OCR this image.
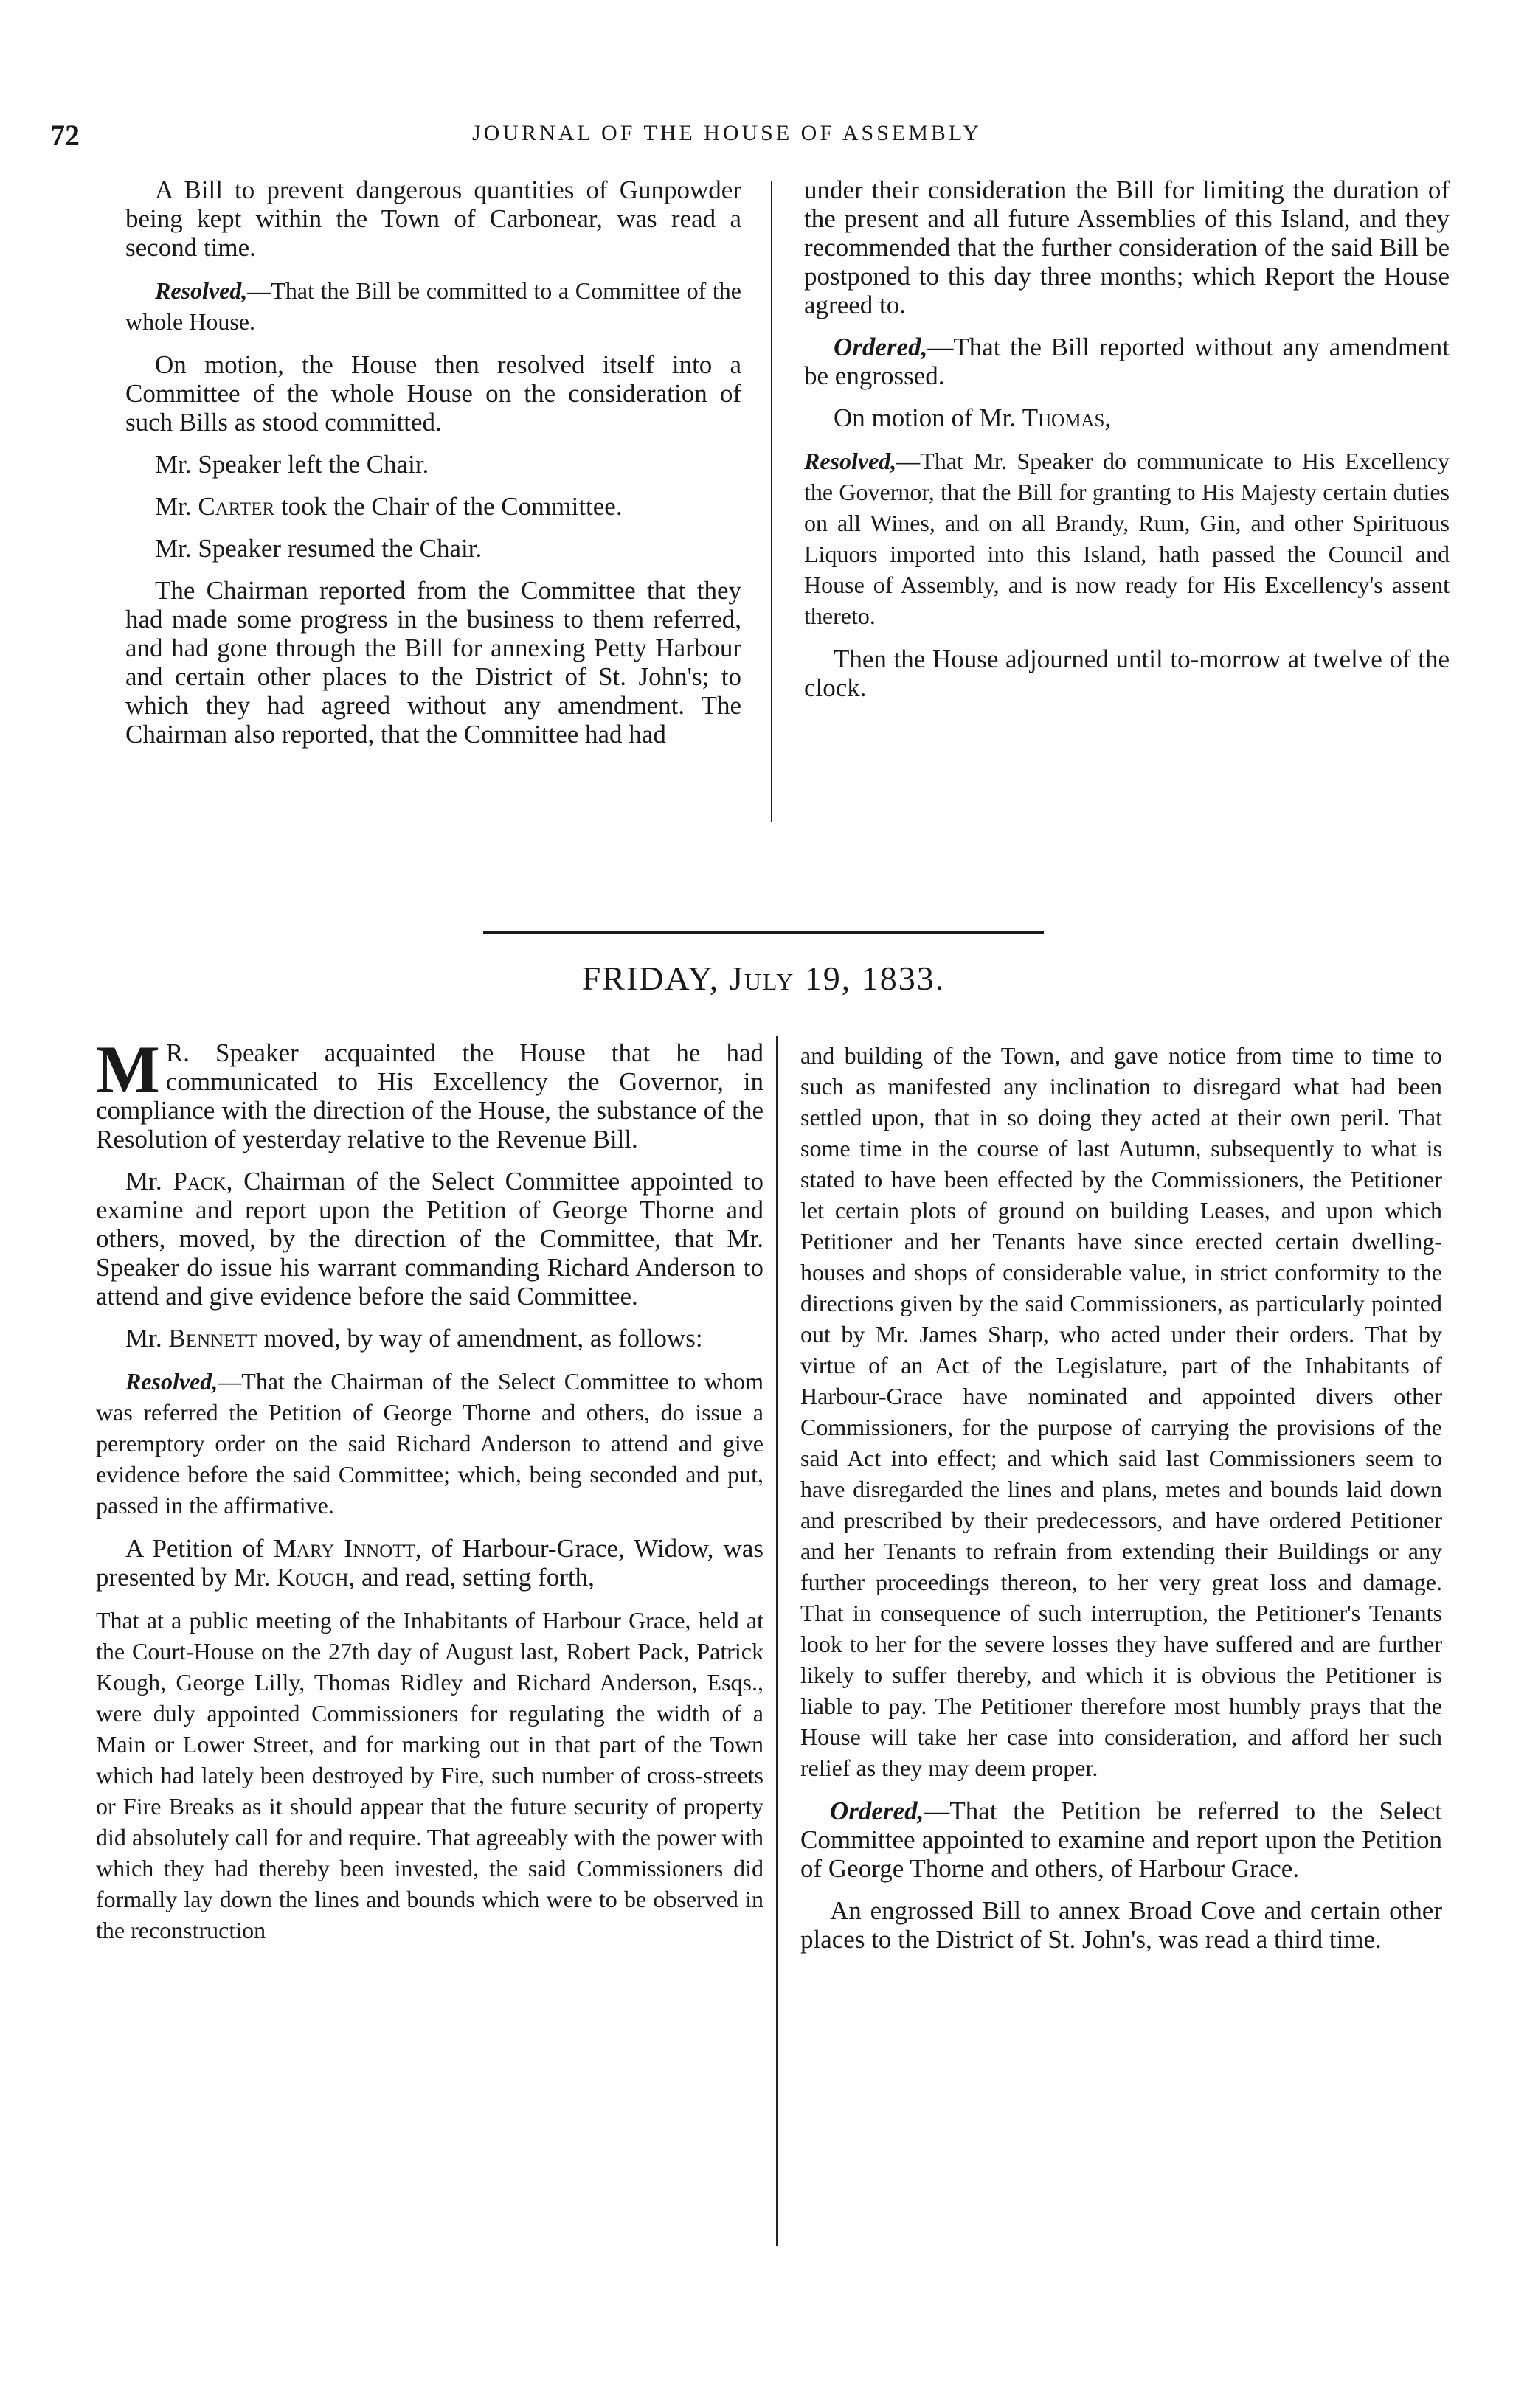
72	JOURNAL OF THE HOUSE OF ASSEMBLY

A Bill to prevent dangerous quantities of Gunpowder being kept within the Town of Carbonear, was read a second time.

Resolved,—That the Bill be committed to a Committee of the whole House.

On motion, the House then resolved itself into a Committee of the whole House on the consideration of such Bills as stood committed.

Mr. Speaker left the Chair.

Mr. Carter took the Chair of the Committee.

Mr. Speaker resumed the Chair.

The Chairman reported from the Committee that they had made some progress in the business to them referred, and had gone through the Bill for annexing Petty Harbour and certain other places to the District of St. John's; to which they had agreed without any amendment. The Chairman also reported, that the Committee had had

under their consideration the Bill for limiting the duration of the present and all future Assemblies of this Island, and they recommended that the further consideration of the said Bill be postponed to this day three months; which Report the House agreed to.

Ordered,—That the Bill reported without any amendment be engrossed.

On motion of Mr. Thomas,

Resolved,—That Mr. Speaker do communicate to His Excellency the Governor, that the Bill for granting to His Majesty certain duties on all Wines, and on all Brandy, Rum, Gin, and other Spirituous Liquors imported into this Island, hath passed the Council and House of Assembly, and is now ready for His Excellency's assent thereto.

Then the House adjourned until to-morrow at twelve of the clock.

FRIDAY, July 19, 1833.

M R. Speaker acquainted the House that he had communicated to His Excellency the Governor, in compliance with the direction of the House, the substance of the Resolution of yesterday relative to the Revenue Bill.

Mr. Pack, Chairman of the Select Committee appointed to examine and report upon the Petition of George Thorne and others, moved, by the direction of the Committee, that Mr. Speaker do issue his warrant commanding Richard Anderson to attend and give evidence before the said Committee.

Mr. Bennett moved, by way of amendment, as follows:

Resolved,—That the Chairman of the Select Committee to whom was referred the Petition of George Thorne and others, do issue a peremptory order on the said Richard Anderson to attend and give evidence before the said Committee; which, being seconded and put, passed in the affirmative.

A Petition of Mary Innott, of Harbour-Grace, Widow, was presented by Mr. Kough, and read, setting forth,

That at a public meeting of the Inhabitants of Harbour Grace, held at the Court-House on the 27th day of August last, Robert Pack, Patrick Kough, George Lilly, Thomas Ridley and Richard Anderson, Esqs., were duly appointed Commissioners for regulating the width of a Main or Lower Street, and for marking out in that part of the Town which had lately been destroyed by Fire, such number of cross-streets or Fire Breaks as it should appear that the future security of property did absolutely call for and require. That agreeably with the power with which they had thereby been invested, the said Commissioners did formally lay down the lines and bounds which were to be observed in the reconstruction

and building of the Town, and gave notice from time to time to such as manifested any inclination to disregard what had been settled upon, that in so doing they acted at their own peril. That some time in the course of last Autumn, subsequently to what is stated to have been effected by the Commissioners, the Petitioner let certain plots of ground on building Leases, and upon which Petitioner and her Tenants have since erected certain dwelling-houses and shops of considerable value, in strict conformity to the directions given by the said Commissioners, as particularly pointed out by Mr. James Sharp, who acted under their orders. That by virtue of an Act of the Legislature, part of the Inhabitants of Harbour-Grace have nominated and appointed divers other Commissioners, for the purpose of carrying the provisions of the said Act into effect; and which said last Commissioners seem to have disregarded the lines and plans, metes and bounds laid down and prescribed by their predecessors, and have ordered Petitioner and her Tenants to refrain from extending their Buildings or any further proceedings thereon, to her very great loss and damage. That in consequence of such interruption, the Petitioner's Tenants look to her for the severe losses they have suffered and are further likely to suffer thereby, and which it is obvious the Petitioner is liable to pay. The Petitioner therefore most humbly prays that the House will take her case into consideration, and afford her such relief as they may deem proper.

Ordered,—That the Petition be referred to the Select Committee appointed to examine and report upon the Petition of George Thorne and others, of Harbour Grace.

An engrossed Bill to annex Broad Cove and certain other places to the District of St. John's, was read a third time.
